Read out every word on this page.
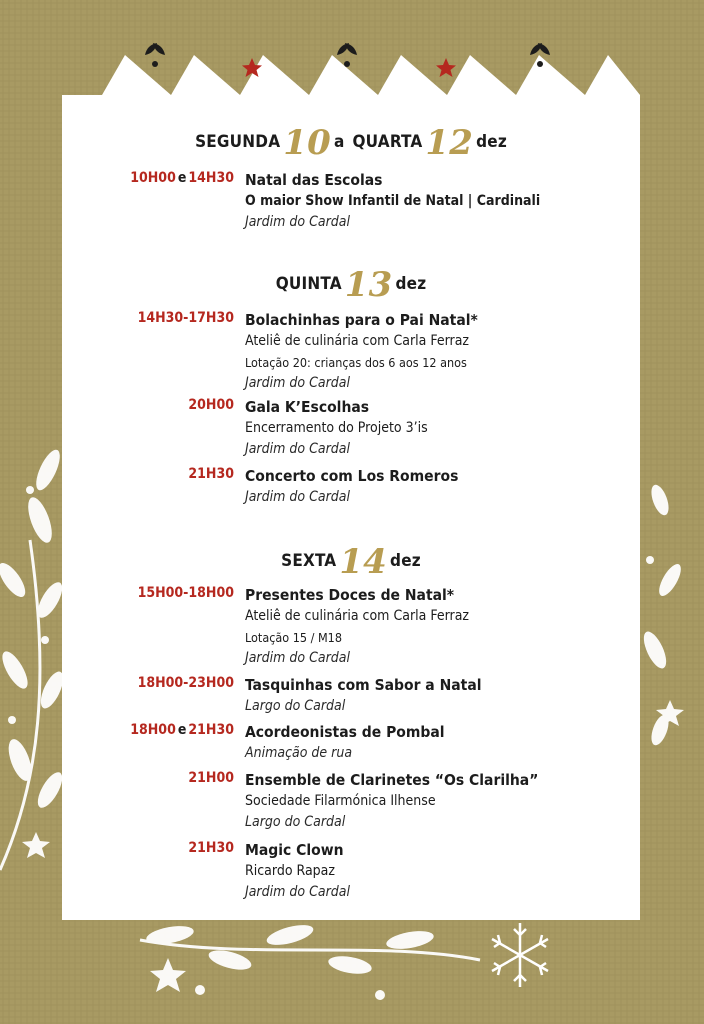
SEGUNDA10 a QUARTA12 dez
10H00 e 14H30 Natal das Escolas
O maior Show Infantil de Natal | Cardinali
Jardim do Cardal
QUINTA13 dez
14H30-17H30 Bolachinhas para o Pai Natal*
Ateliê de culinária com Carla Ferraz
Lotação 20: crianças dos 6 aos 12 anos
Jardim do Cardal
20H00 Gala K’Escolhas
Encerramento do Projeto 3’is
Jardim do Cardal
21H30 Concerto com Los Romeros
Jardim do Cardal
SEXTA14 dez
15H00-18H00 Presentes Doces de Natal*
Ateliê de culinária com Carla Ferraz
Lotação 15 / M18
Jardim do Cardal
18H00-23H00 Tasquinhas com Sabor a Natal
Largo do Cardal
18H00 e 21H30 Acordeonistas de Pombal
Animação de rua
21H00 Ensemble de Clarinetes “Os Clarilha”
Sociedade Filarmónica Ilhense
Largo do Cardal
21H30 Magic Clown
Ricardo Rapaz
Jardim do Cardal
